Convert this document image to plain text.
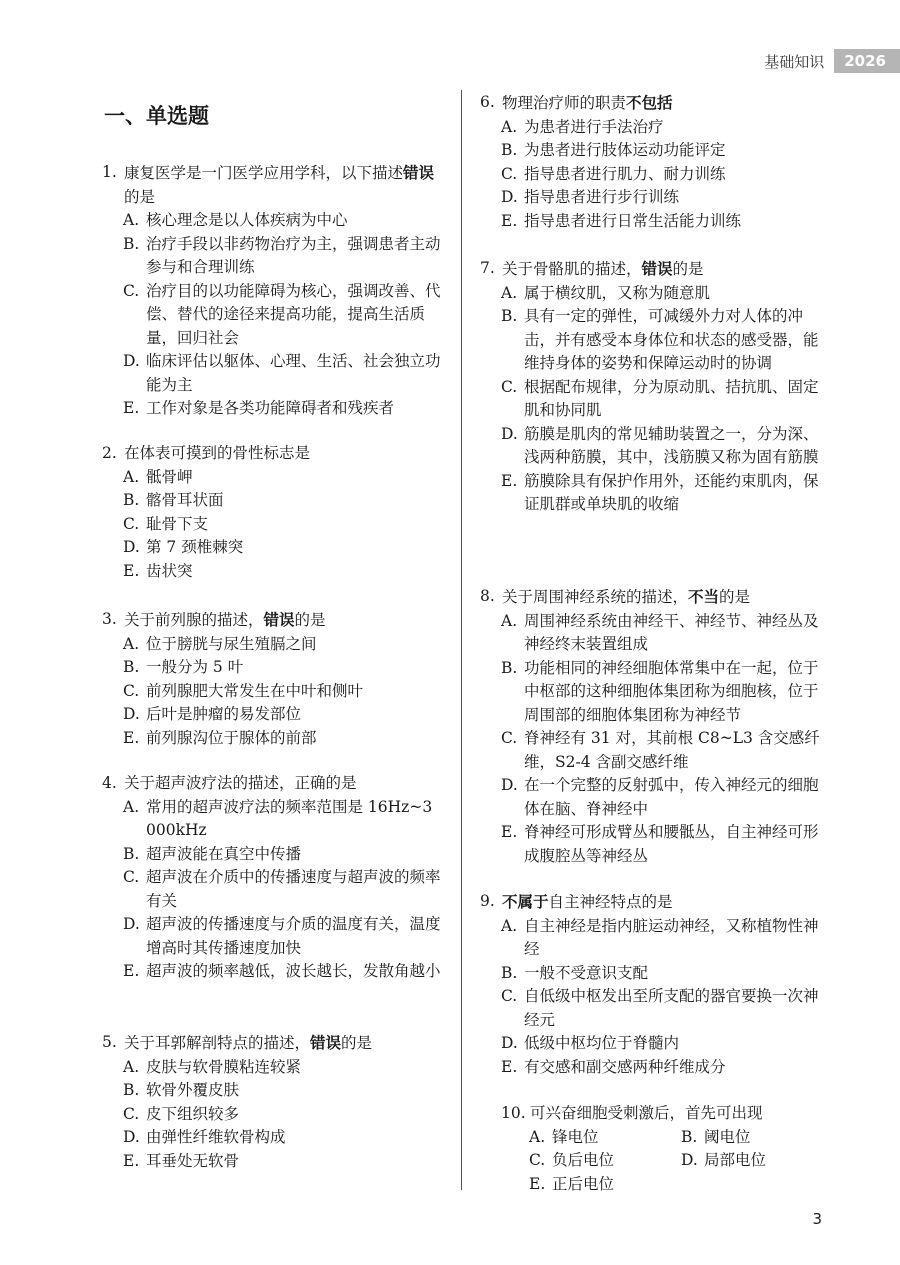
基础知识	2026
一、单选题
3
1. 康复医学是一门医学应用学科，以下描述错误的是
A. 核心理念是以人体疾病为中心
B. 治疗手段以非药物治疗为主，强调患者主动参与和合理训练
C. 治疗目的以功能障碍为核心，强调改善、代偿、替代的途径来提高功能，提高生活质量，回归社会
D. 临床评估以躯体、心理、生活、社会独立功能为主
E. 工作对象是各类功能障碍者和残疾者
2. 在体表可摸到的骨性标志是
A. 骶骨岬
B. 髂骨耳状面
C. 耻骨下支
D. 第 7 颈椎棘突
E. 齿状突
3. 关于前列腺的描述，错误的是
A. 位于膀胱与尿生殖膈之间
B. 一般分为 5 叶
C. 前列腺肥大常发生在中叶和侧叶
D. 后叶是肿瘤的易发部位
E. 前列腺沟位于腺体的前部
4. 关于超声波疗法的描述，正确的是
A. 常用的超声波疗法的频率范围是 16Hz~3 000kHz
B. 超声波能在真空中传播
C. 超声波在介质中的传播速度与超声波的频率有关
D. 超声波的传播速度与介质的温度有关，温度增高时其传播速度加快
E. 超声波的频率越低，波长越长，发散角越小
5. 关于耳郭解剖特点的描述，错误的是
A. 皮肤与软骨膜粘连较紧
B. 软骨外覆皮肤
C. 皮下组织较多
D. 由弹性纤维软骨构成
E. 耳垂处无软骨
6. 物理治疗师的职责不包括
A. 为患者进行手法治疗
B. 为患者进行肢体运动功能评定
C. 指导患者进行肌力、耐力训练
D. 指导患者进行步行训练
E. 指导患者进行日常生活能力训练
7. 关于骨骼肌的描述，错误的是
A. 属于横纹肌，又称为随意肌
B. 具有一定的弹性，可减缓外力对人体的冲击，并有感受本身体位和状态的感受器，能维持身体的姿势和保障运动时的协调
C. 根据配布规律，分为原动肌、拮抗肌、固定肌和协同肌
D. 筋膜是肌肉的常见辅助装置之一，分为深、浅两种筋膜，其中，浅筋膜又称为固有筋膜
E. 筋膜除具有保护作用外，还能约束肌肉，保证肌群或单块肌的收缩
8. 关于周围神经系统的描述，不当的是
A. 周围神经系统由神经干、神经节、神经丛及神经终末装置组成
B. 功能相同的神经细胞体常集中在一起，位于中枢部的这种细胞体集团称为细胞核，位于周围部的细胞体集团称为神经节
C. 脊神经有 31 对，其前根 C8~L3 含交感纤维，S2-4 含副交感纤维
D. 在一个完整的反射弧中，传入神经元的细胞体在脑、脊神经中
E. 脊神经可形成臂丛和腰骶丛，自主神经可形成腹腔丛等神经丛
9. 不属于自主神经特点的是
A. 自主神经是指内脏运动神经，又称植物性神经
B. 一般不受意识支配
C. 自低级中枢发出至所支配的器官要换一次神经元
D. 低级中枢均位于脊髓内
E. 有交感和副交感两种纤维成分
10. 可兴奋细胞受刺激后，首先可出现
A. 锋电位	B. 阈电位
C. 负后电位	D. 局部电位
E. 正后电位
